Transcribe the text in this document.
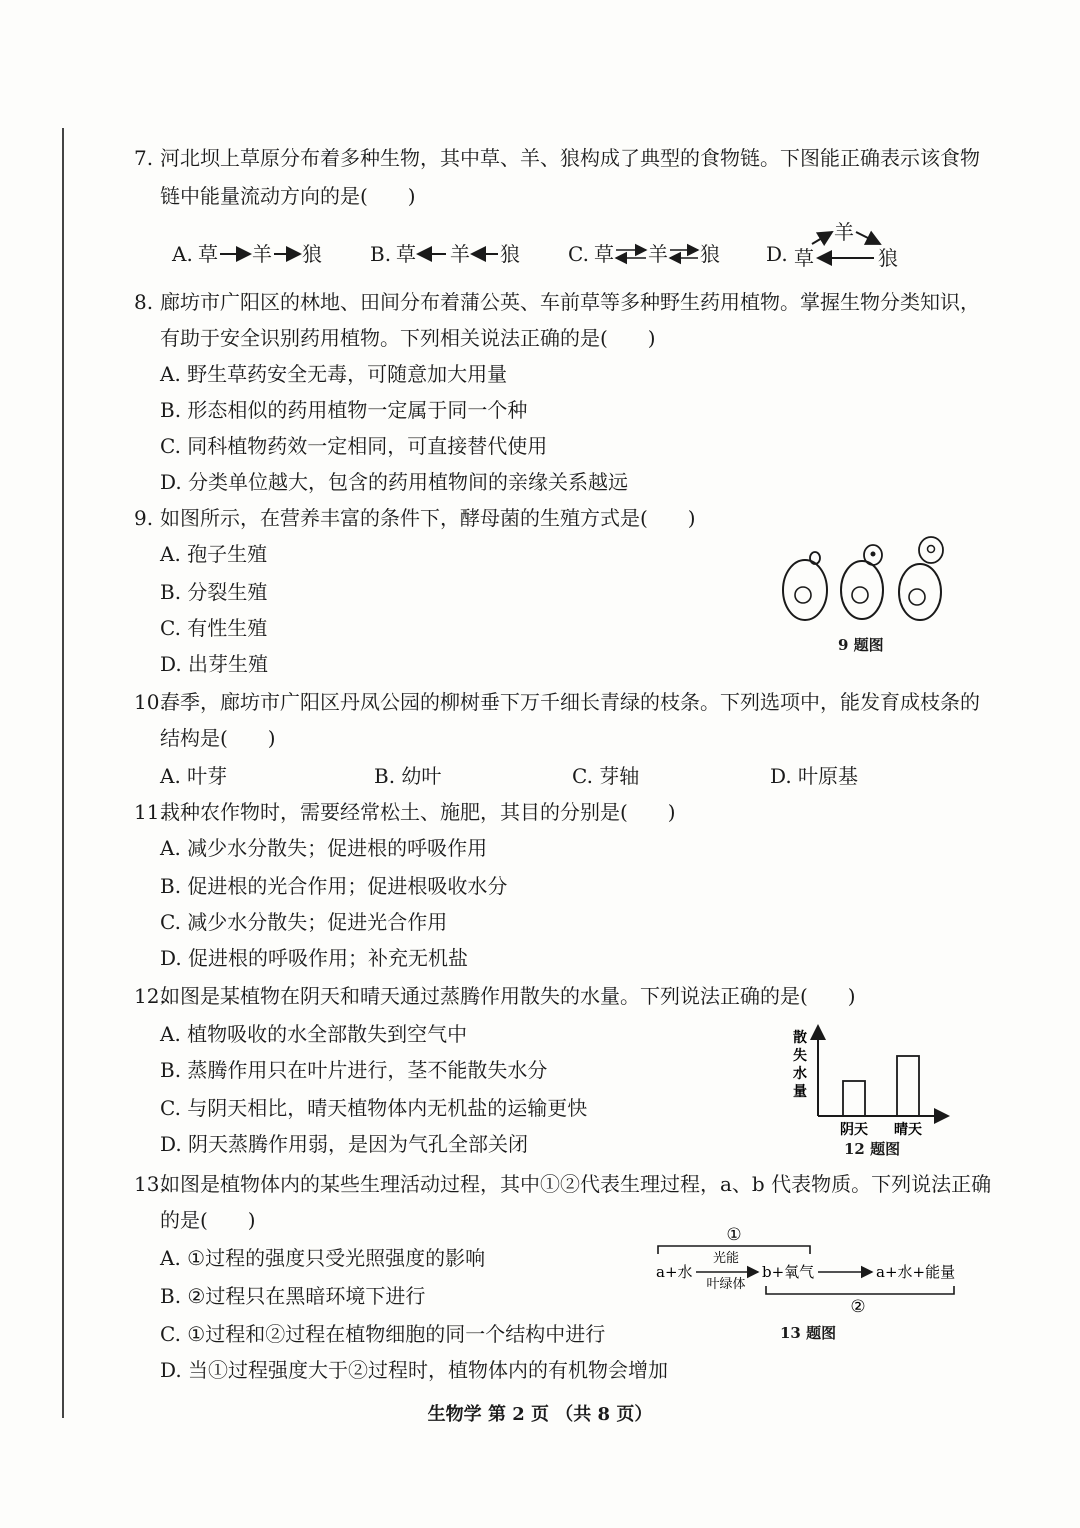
7. 河北坝上草原分布着多种生物，其中草、羊、狼构成了典型的食物链。下图能正确表示该食物
链中能量流动方向的是(　　)
A. 草 羊 狼 B. 草 羊 狼 C. 草 羊 狼 D. 草
羊
狼
8. 廊坊市广阳区的林地、田间分布着蒲公英、车前草等多种野生药用植物。掌握生物分类知识，
有助于安全识别药用植物。下列相关说法正确的是(　　)
A. 野生草药安全无毒，可随意加大用量
B. 形态相似的药用植物一定属于同一个种
C. 同科植物药效一定相同，可直接替代使用
D. 分类单位越大，包含的药用植物间的亲缘关系越远
9. 如图所示，在营养丰富的条件下，酵母菌的生殖方式是(　　)
A. 孢子生殖
B. 分裂生殖
C. 有性生殖
D. 出芽生殖
9 题图
10.
春季，廊坊市广阳区丹凤公园的柳树垂下万千细长青绿的枝条。下列选项中，能发育成枝条的
结构是(　　)
A. 叶芽	B. 幼叶	C. 芽轴	D. 叶原基
11.
栽种农作物时，需要经常松土、施肥，其目的分别是(　　)
A. 减少水分散失；促进根的呼吸作用
B. 促进根的光合作用；促进根吸收水分
C. 减少水分散失；促进光合作用
D. 促进根的呼吸作用；补充无机盐
12.
如图是某植物在阴天和晴天通过蒸腾作用散失的水量。下列说法正确的是(　　)
A. 植物吸收的水全部散失到空气中
B. 蒸腾作用只在叶片进行，茎不能散失水分
C. 与阴天相比，晴天植物体内无机盐的运输更快
D. 阴天蒸腾作用弱，是因为气孔全部关闭
散
失
水
量
阴天 晴天
12 题图
13.
如图是植物体内的某些生理活动过程，其中①②代表生理过程，a、b 代表物质。下列说法正确
的是(　　)
A. ①过程的强度只受光照强度的影响
B. ②过程只在黑暗环境下进行
C. ①过程和②过程在植物细胞的同一个结构中进行
D. 当①过程强度大于②过程时，植物体内的有机物会增加
①
a+水
光能
叶绿体
b+氧气	a+水+能量
②
13 题图
生物学 第 2 页 （共 8 页）
